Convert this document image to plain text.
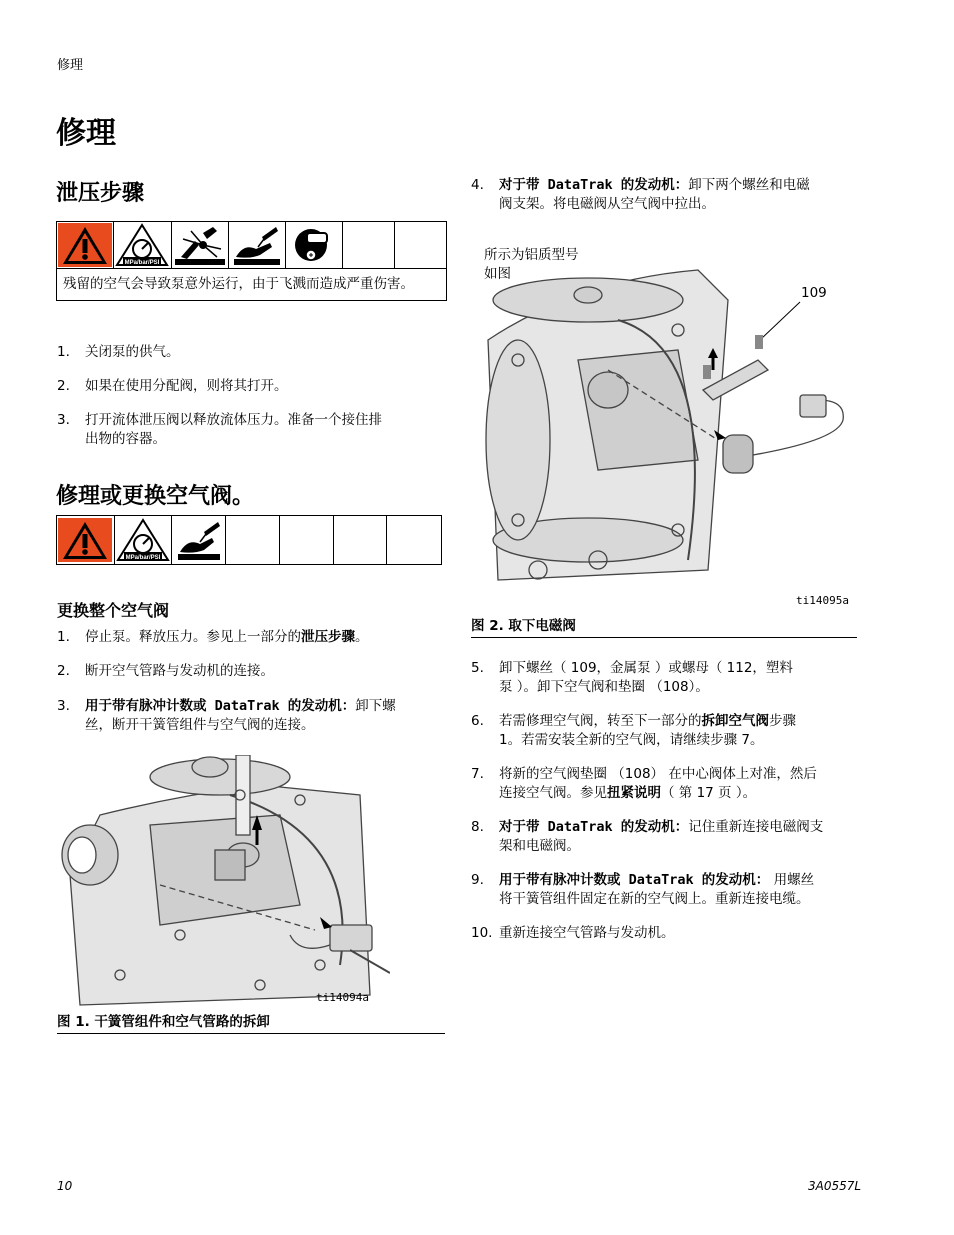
修理
修理
泄压步骤
MPa/bar/PSI
残留的空气会导致泵意外运行，由于飞溅而造成严重伤害。
1. 关闭泵的供气。
2. 如果在使用分配阀，则将其打开。
3. 打开流体泄压阀以释放流体压力。准备一个接住排
出物的容器。
修理或更换空气阀。
MPa/bar/PSI
更换整个空气阀
1. 停止泵。释放压力。参见上一部分的泄压步骤。
2. 断开空气管路与发动机的连接。
3. 用于带有脉冲计数或 DataTrak 的发动机：卸下螺
丝，断开干簧管组件与空气阀的连接。
ti14094a
图 1. 干簧管组件和空气管路的拆卸
4. 对于带 DataTrak 的发动机：卸下两个螺丝和电磁
阀支架。将电磁阀从空气阀中拉出。
所示为铝质型号
如图
109
ti14095a
图 2. 取下电磁阀
5. 卸下螺丝（ 109，金属泵 ）或螺母（ 112，塑料
泵 ）。卸下空气阀和垫圈 （108）。
6. 若需修理空气阀，转至下一部分的拆卸空气阀步骤
1。若需安装全新的空气阀，请继续步骤 7。
7. 将新的空气阀垫圈 （108） 在中心阀体上对准，然后
连接空气阀。参见扭紧说明（ 第 17 页 ）。
8. 对于带 DataTrak 的发动机：记住重新连接电磁阀支
架和电磁阀。
9. 用于带有脉冲计数或 DataTrak 的发动机： 用螺丝
将干簧管组件固定在新的空气阀上。重新连接电缆。
10. 重新连接空气管路与发动机。
10	3A0557L
